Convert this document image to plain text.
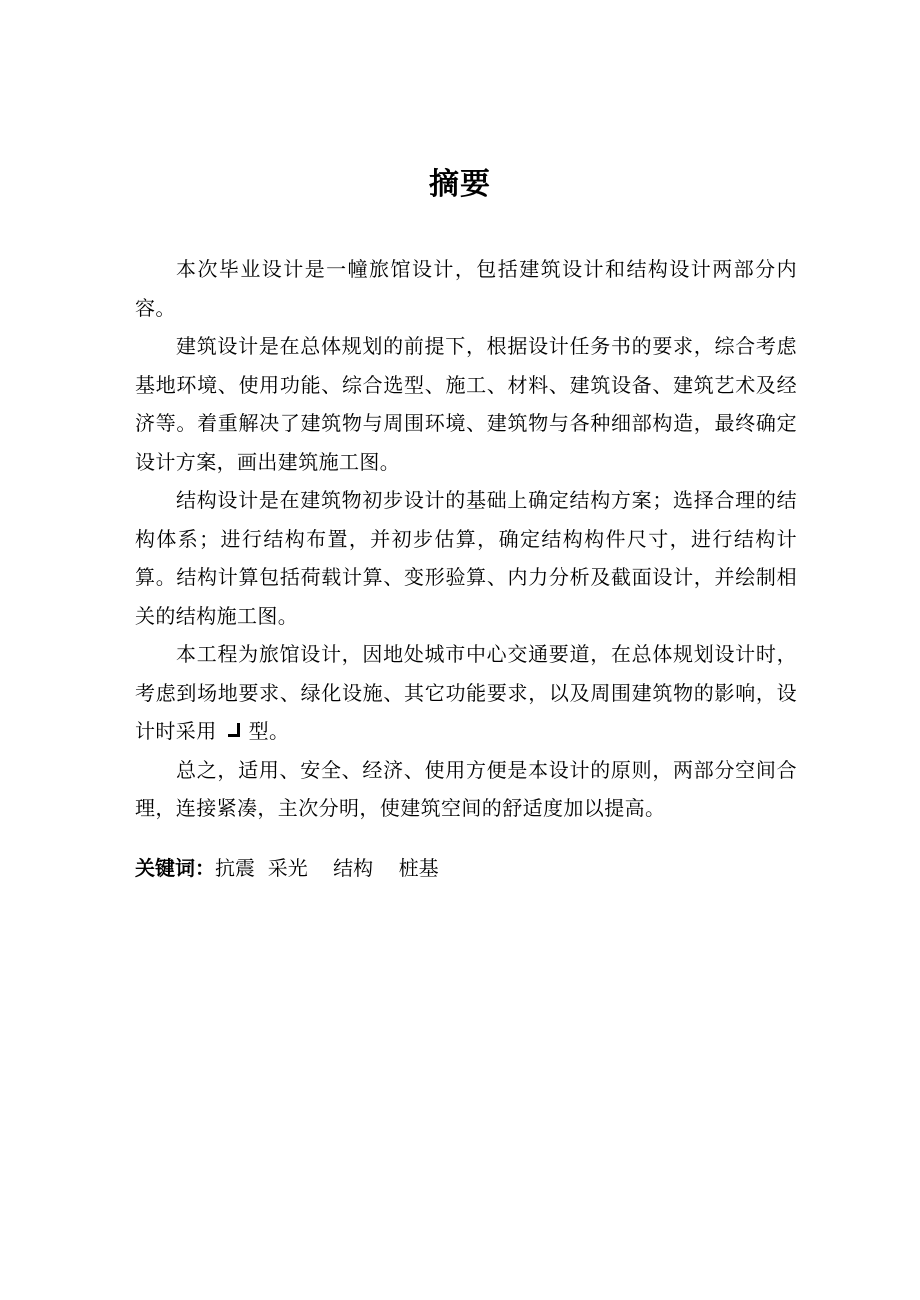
摘要

本次毕业设计是一幢旅馆设计，包括建筑设计和结构设计两部分内容。

建筑设计是在总体规划的前提下，根据设计任务书的要求，综合考虑基地环境、使用功能、综合选型、施工、材料、建筑设备、建筑艺术及经济等。着重解决了建筑物与周围环境、建筑物与各种细部构造，最终确定设计方案，画出建筑施工图。

结构设计是在建筑物初步设计的基础上确定结构方案；选择合理的结构体系；进行结构布置，并初步估算，确定结构构件尺寸，进行结构计算。结构计算包括荷载计算、变形验算、内力分析及截面设计，并绘制相关的结构施工图。

本工程为旅馆设计，因地处城市中心交通要道，在总体规划设计时，考虑到场地要求、绿化设施、其它功能要求，以及周围建筑物的影响，设计时采用 型。

总之，适用、安全、经济、使用方便是本设计的原则，两部分空间合理，连接紧凑，主次分明，使建筑空间的舒适度加以提高。

关键词：抗震 采光 结构 桩基
